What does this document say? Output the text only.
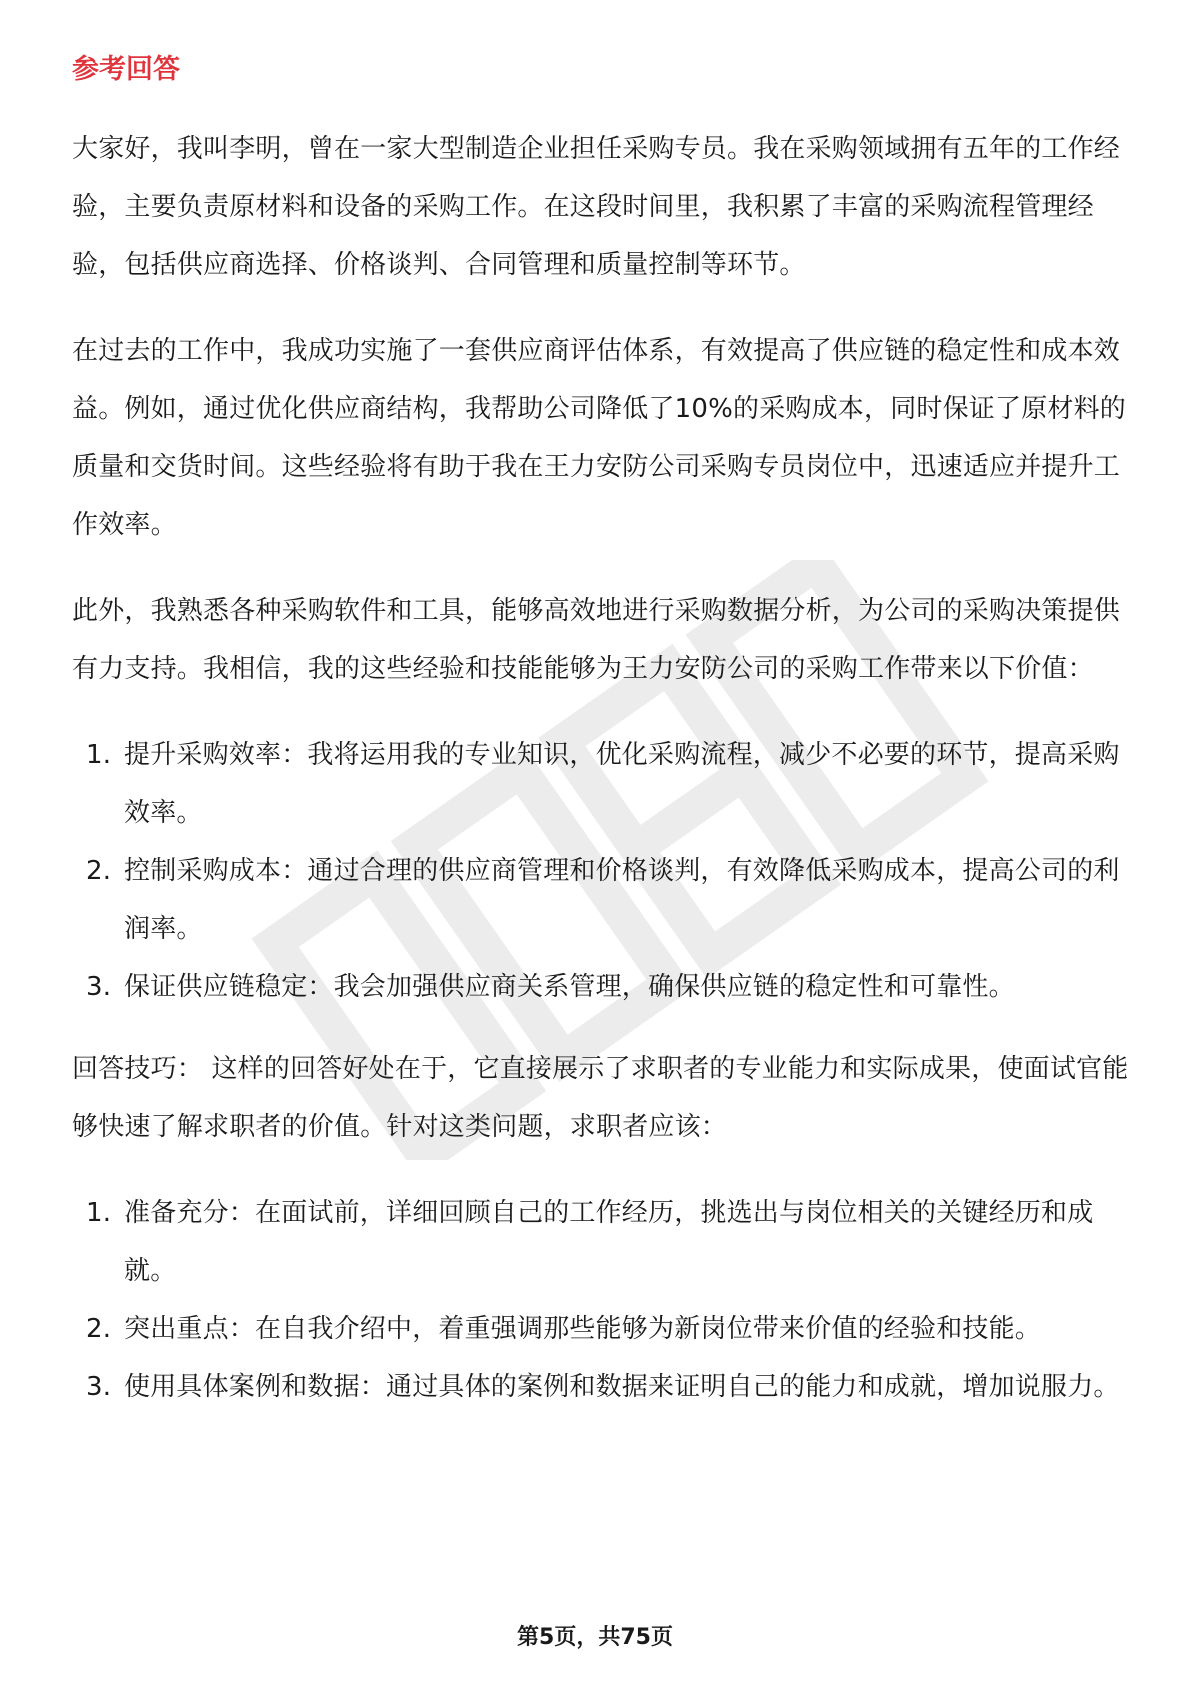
参考回答

大家好，我叫李明，曾在一家大型制造企业担任采购专员。我在采购领域拥有五年的工作经验，主要负责原材料和设备的采购工作。在这段时间里，我积累了丰富的采购流程管理经验，包括供应商选择、价格谈判、合同管理和质量控制等环节。

在过去的工作中，我成功实施了一套供应商评估体系，有效提高了供应链的稳定性和成本效益。例如，通过优化供应商结构，我帮助公司降低了10%的采购成本，同时保证了原材料的质量和交货时间。这些经验将有助于我在王力安防公司采购专员岗位中，迅速适应并提升工作效率。

此外，我熟悉各种采购软件和工具，能够高效地进行采购数据分析，为公司的采购决策提供有力支持。我相信，我的这些经验和技能能够为王力安防公司的采购工作带来以下价值：

1. 提升采购效率：我将运用我的专业知识，优化采购流程，减少不必要的环节，提高采购效率。
2. 控制采购成本：通过合理的供应商管理和价格谈判，有效降低采购成本，提高公司的利润率。
3. 保证供应链稳定：我会加强供应商关系管理，确保供应链的稳定性和可靠性。

回答技巧： 这样的回答好处在于，它直接展示了求职者的专业能力和实际成果，使面试官能够快速了解求职者的价值。针对这类问题，求职者应该：

1. 准备充分：在面试前，详细回顾自己的工作经历，挑选出与岗位相关的关键经历和成就。
2. 突出重点：在自我介绍中，着重强调那些能够为新岗位带来价值的经验和技能。
3. 使用具体案例和数据：通过具体的案例和数据来证明自己的能力和成就，增加说服力。
第5页，共75页
